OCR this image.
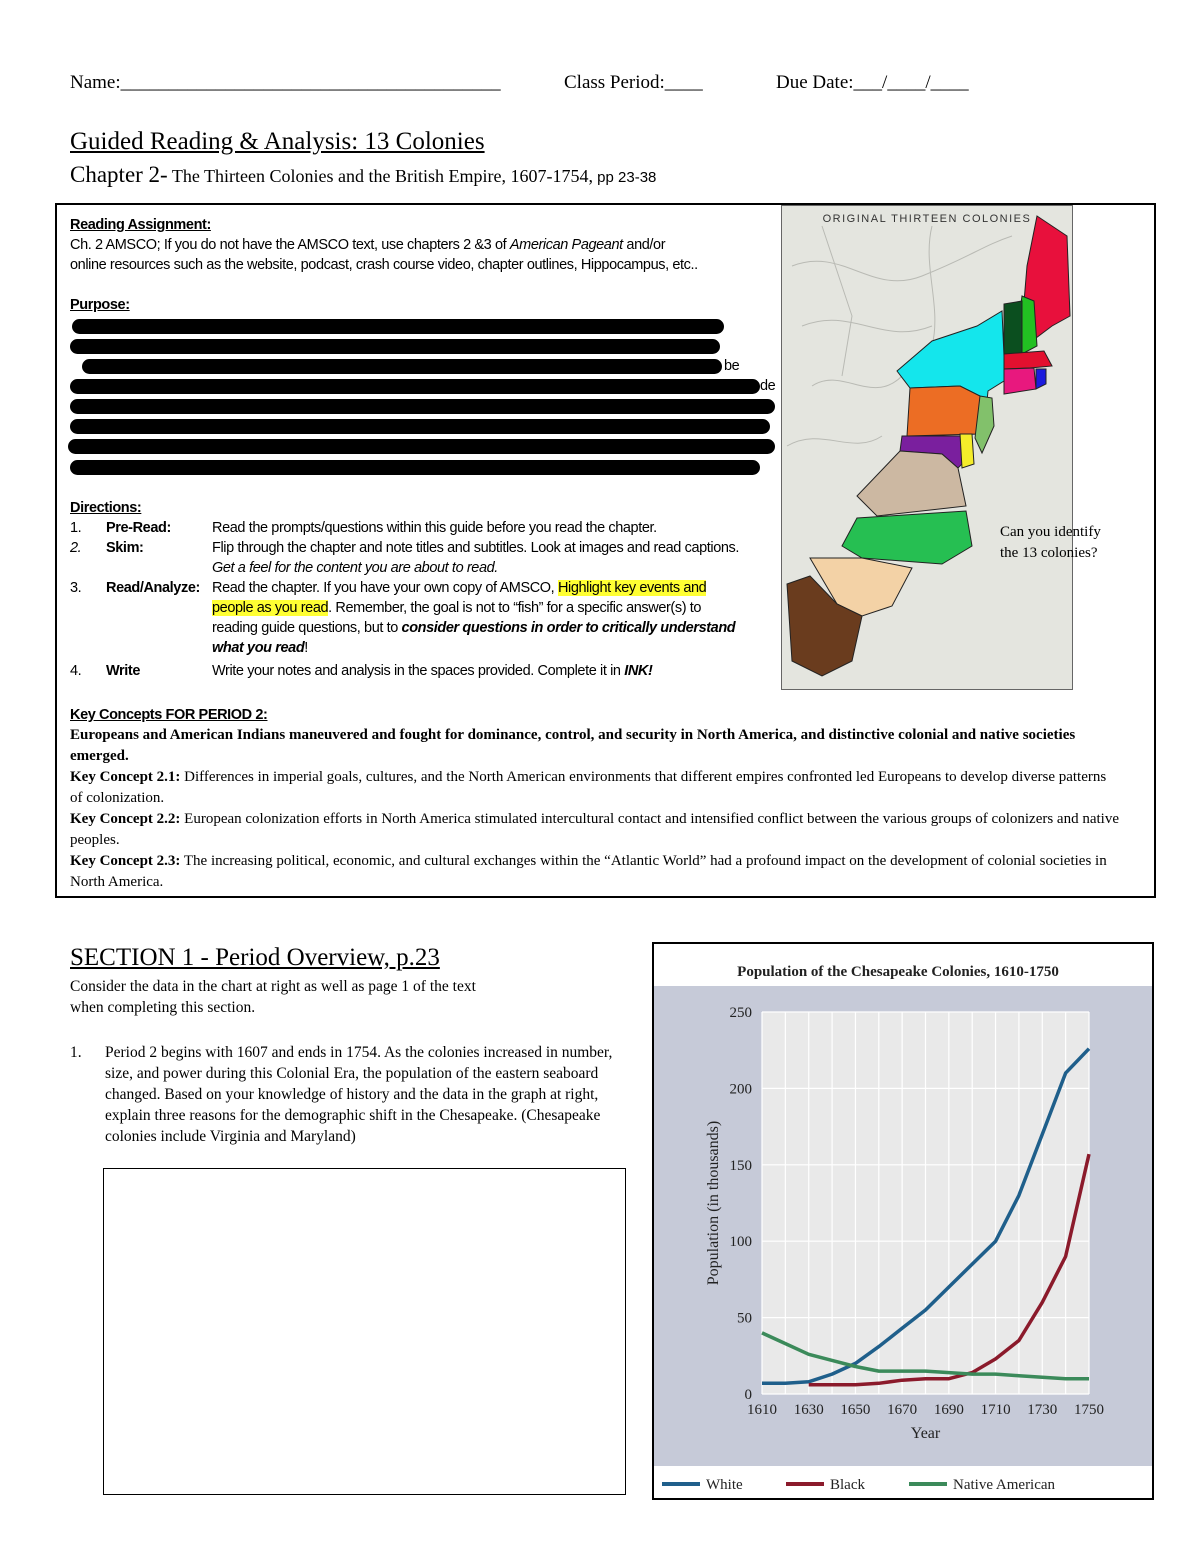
Name:________________________________________	Class Period:____	Due Date:___/____/____
Guided Reading & Analysis: 13 Colonies
Chapter 2- The Thirteen Colonies and the British Empire, 1607-1754, pp 23-38
Reading Assignment:
Ch. 2 AMSCO; If you do not have the AMSCO text, use chapters 2 &3 of American Pageant and/or
online resources such as the website, podcast, crash course video, chapter outlines, Hippocampus, etc..
Purpose:
be
de
Directions:
1.	Pre-Read:	Read the prompts/questions within this guide before you read the chapter.
2.	Skim:	Flip through the chapter and note titles and subtitles. Look at images and read captions.
Get a feel for the content you are about to read.
3.	Read/Analyze: Read the chapter. If you have your own copy of AMSCO, Highlight key events and
people as you read. Remember, the goal is not to “fish” for a specific answer(s) to
reading guide questions, but to consider questions in order to critically understand
what you read!
4.	Write	Write your notes and analysis in the spaces provided. Complete it in INK!
ORIGINAL THIRTEEN COLONIES
Can you identify the 13 colonies?
Key Concepts FOR PERIOD 2:
Europeans and American Indians maneuvered and fought for dominance, control, and security in North America, and distinctive colonial and native societies emerged.
Key Concept 2.1: Differences in imperial goals, cultures, and the North American environments that different empires confronted led Europeans to develop diverse patterns of colonization.
Key Concept 2.2: European colonization efforts in North America stimulated intercultural contact and intensified conflict between the various groups of colonizers and native peoples.
Key Concept 2.3: The increasing political, economic, and cultural exchanges within the “Atlantic World” had a profound impact on the development of colonial societies in North America.
SECTION 1 - Period Overview, p.23
Consider the data in the chart at right as well as page 1 of the text when completing this section.
1. Period 2 begins with 1607 and ends in 1754. As the colonies increased in number, size, and power during this Colonial Era, the population of the eastern seaboard changed. Based on your knowledge of history and the data in the graph at right, explain three reasons for the demographic shift in the Chesapeake. (Chesapeake colonies include Virginia and Maryland)
Population of the Chesapeake Colonies, 1610-1750
0
50
100
150
200
250
1610 1630 1650 1670 1690 1710 1730 1750
Year
Population (in thousands)
White	Black	Native American
